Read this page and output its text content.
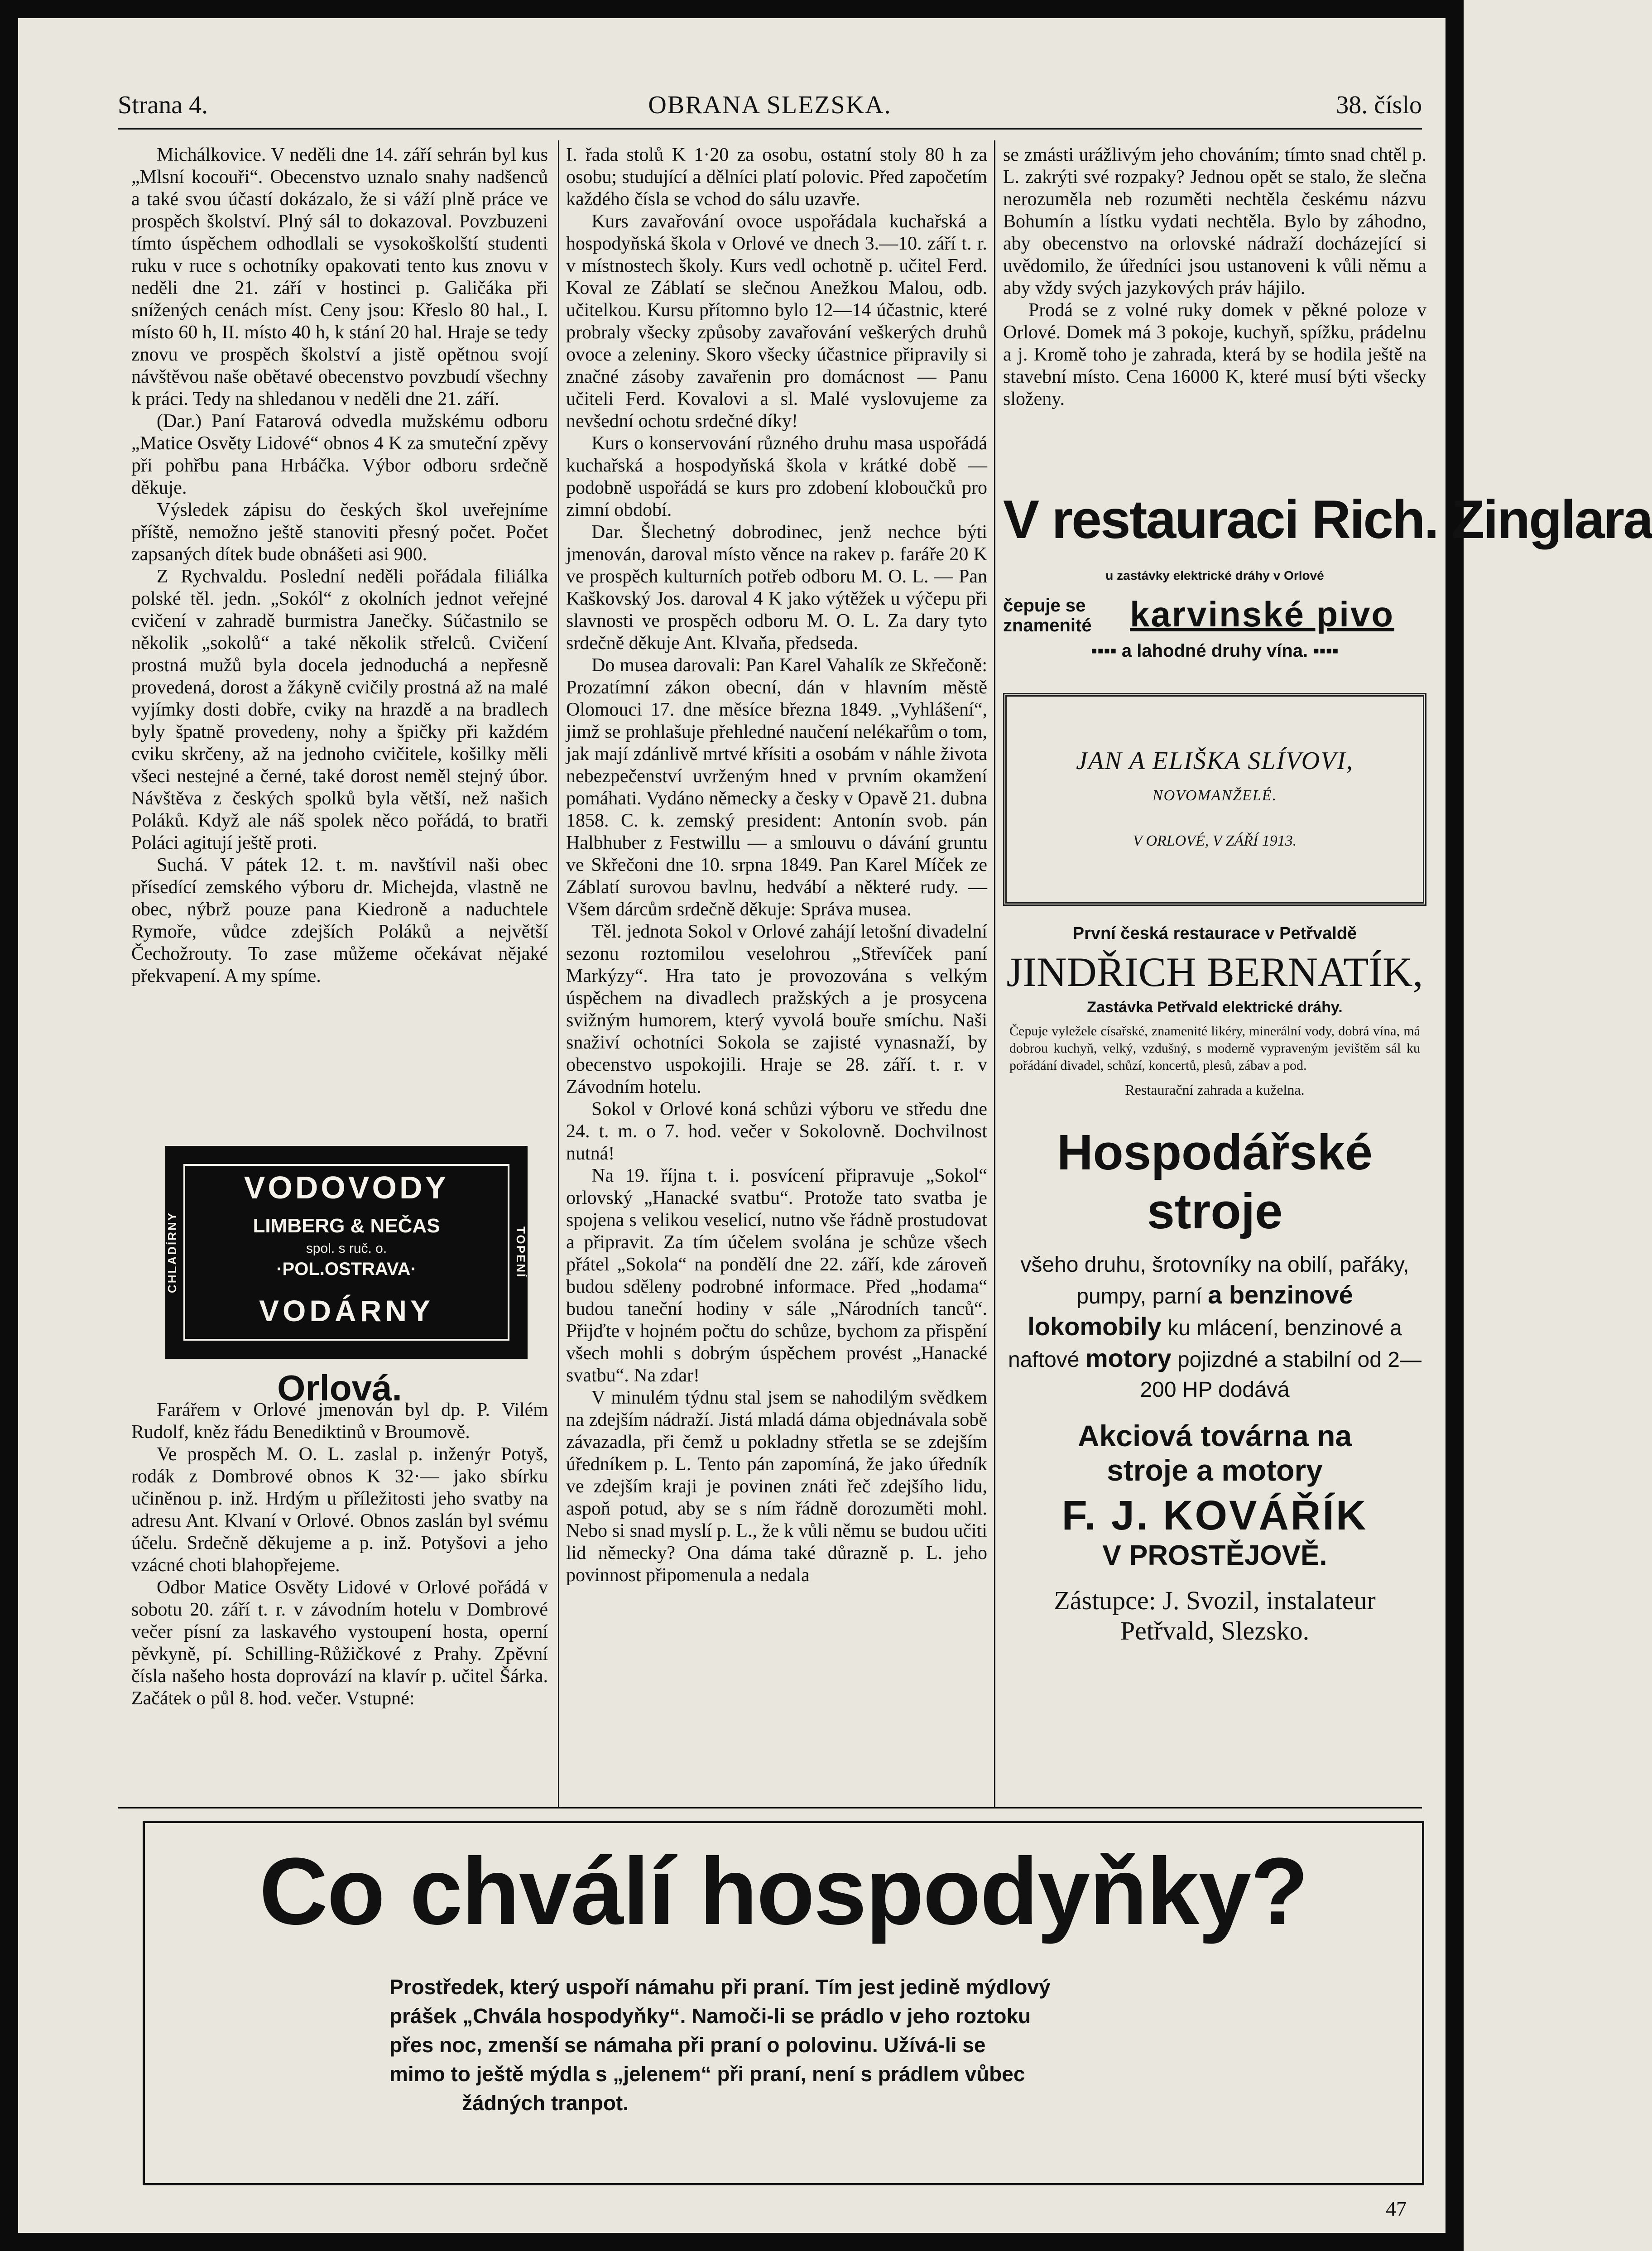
Strana 4.	OBRANA SLEZSKA.	38. číslo

Michálkovice. V neděli dne 14. září sehrán byl kus „Mlsní kocouři“. Obecenstvo uznalo snahy nadšenců a také svou účastí dokázalo, že si váží plně práce ve prospěch školství. Plný sál to dokazoval. Povzbuzeni tímto úspěchem odhodlali se vysokoškolští studenti ruku v ruce s ochotníky opakovati tento kus znovu v neděli dne 21. září v hostinci p. Galičáka při snížených cenách míst. Ceny jsou: Křeslo 80 hal., I. místo 60 h, II. místo 40 h, k stání 20 hal. Hraje se tedy znovu ve prospěch školství a jistě opětnou svojí návštěvou naše obětavé obecenstvo povzbudí všechny k práci. Tedy na shledanou v neděli dne 21. září.

(Dar.) Paní Fatarová odvedla mužskému odboru „Matice Osvěty Lidové“ obnos 4 K za smuteční zpěvy při pohřbu pana Hrbáčka. Výbor odboru srdečně děkuje.

Výsledek zápisu do českých škol uveřejníme příště, nemožno ještě stanoviti přesný počet. Počet zapsaných dítek bude obnášeti asi 900.

Z Rychvaldu. Poslední neděli pořádala filiálka polské těl. jedn. „Sokól“ z okolních jednot veřejné cvičení v zahradě burmistra Janečky. Súčastnilo se několik „sokolů“ a také několik střelců. Cvičení prostná mužů byla docela jednoduchá a nepřesně provedená, dorost a žákyně cvičily prostná až na malé vyjímky dosti dobře, cviky na hrazdě a na bradlech byly špatně provedeny, nohy a špičky při každém cviku skrčeny, až na jednoho cvičitele, košilky měli všeci nestejné a černé, také dorost neměl stejný úbor. Návštěva z českých spolků byla větší, než našich Poláků. Když ale náš spolek něco pořádá, to bratři Poláci agitují ještě proti.

Suchá. V pátek 12. t. m. navštívil naši obec přísedící zemského výboru dr. Michejda, vlastně ne obec, nýbrž pouze pana Kiedroně a naduchtele Rymoře, vůdce zdejších Poláků a největší Čechožrouty. To zase můžeme očekávat nějaké překvapení. A my spíme.

CHLADÍRNY	TOPENÍ
VODOVODY
LIMBERG & NEČAS
spol. s ruč. o.
·POL.OSTRAVA·
VODÁRNY

Orlová.

Farářem v Orlové jmenován byl dp. P. Vilém Rudolf, kněz řádu Benediktinů v Broumově.

Ve prospěch M. O. L. zaslal p. inženýr Potyš, rodák z Dombrové obnos K 32·— jako sbírku učiněnou p. inž. Hrdým u příležitosti jeho svatby na adresu Ant. Klvaní v Orlové. Obnos zaslán byl svému účelu. Srdečně děkujeme a p. inž. Potyšovi a jeho vzácné choti blahopřejeme.

Odbor Matice Osvěty Lidové v Orlové pořádá v sobotu 20. září t. r. v závodním hotelu v Dombrové večer písní za laskavého vystoupení hosta, operní pěvkyně, pí. Schilling-Růžičkové z Prahy. Zpěvní čísla našeho hosta doprovází na klavír p. učitel Šárka. Začátek o půl 8. hod. večer. Vstupné:

I. řada stolů K 1·20 za osobu, ostatní stoly 80 h za osobu; studující a dělníci platí polovic. Před započetím každého čísla se vchod do sálu uzavře.

Kurs zavařování ovoce uspořádala kuchařská a hospodyňská škola v Orlové ve dnech 3.—10. září t. r. v místnostech školy. Kurs vedl ochotně p. učitel Ferd. Koval ze Záblatí se slečnou Anežkou Malou, odb. učitelkou. Kursu přítomno bylo 12—14 účastnic, které probraly všecky způsoby zavařování veškerých druhů ovoce a zeleniny. Skoro všecky účastnice připravily si značné zásoby zavařenin pro domácnost — Panu učiteli Ferd. Kovalovi a sl. Malé vyslovujeme za nevšední ochotu srdečné díky!

Kurs o konservování různého druhu masa uspořádá kuchařská a hospodyňská škola v krátké době — podobně uspořádá se kurs pro zdobení kloboučků pro zimní období.

Dar. Šlechetný dobrodinec, jenž nechce býti jmenován, daroval místo věnce na rakev p. faráře 20 K ve prospěch kulturních potřeb odboru M. O. L. — Pan Kaškovský Jos. daroval 4 K jako výtěžek u výčepu při slavnosti ve prospěch odboru M. O. L. Za dary tyto srdečně děkuje Ant. Klvaňa, předseda.

Do musea darovali: Pan Karel Vahalík ze Skřečoně: Prozatímní zákon obecní, dán v hlavním městě Olomouci 17. dne měsíce března 1849. „Vyhlášení“, jimž se prohlašuje přehledné naučení nelékařům o tom, jak mají zdánlivě mrtvé křísiti a osobám v náhle života nebezpečenství uvrženým hned v prvním okamžení pomáhati. Vydáno německy a česky v Opavě 21. dubna 1858. C. k. zemský president: Antonín svob. pán Halbhuber z Festwillu — a smlouvu o dávání gruntu ve Skřečoni dne 10. srpna 1849. Pan Karel Míček ze Záblatí surovou bavlnu, hedvábí a některé rudy. — Všem dárcům srdečně děkuje: Správa musea.

Těl. jednota Sokol v Orlové zahájí letošní divadelní sezonu roztomilou veselohrou „Střevíček paní Markýzy“. Hra tato je provozována s velkým úspěchem na divadlech pražských a je prosycena svižným humorem, který vyvolá bouře smíchu. Naši snaživí ochotníci Sokola se zajisté vynasnaží, by obecenstvo uspokojili. Hraje se 28. září. t. r. v Závodním hotelu.

Sokol v Orlové koná schůzi výboru ve středu dne 24. t. m. o 7. hod. večer v Sokolovně. Dochvilnost nutná!

Na 19. října t. i. posvícení připravuje „Sokol“ orlovský „Hanacké svatbu“. Protože tato svatba je spojena s velikou veselicí, nutno vše řádně prostudovat a připravit. Za tím účelem svolána je schůze všech přátel „Sokola“ na pondělí dne 22. září, kde zároveň budou sděleny podrobné informace. Před „hodama“ budou taneční hodiny v sále „Národních tanců“. Přijďte v hojném počtu do schůze, bychom za přispění všech mohli s dobrým úspěchem provést „Hanacké svatbu“. Na zdar!

V minulém týdnu stal jsem se nahodilým svědkem na zdejším nádraží. Jistá mladá dáma objednávala sobě závazadla, při čemž u pokladny střetla se se zdejším úředníkem p. L. Tento pán zapomíná, že jako úředník ve zdejším kraji je povinen znáti řeč zdejšího lidu, aspoň potud, aby se s ním řádně dorozuměti mohl. Nebo si snad myslí p. L., že k vůli němu se budou učiti lid německy? Ona dáma také důrazně p. L. jeho povinnost připomenula a nedala

se zmásti urážlivým jeho chováním; tímto snad chtěl p. L. zakrýti své rozpaky? Jednou opět se stalo, že slečna nerozuměla neb rozuměti nechtěla českému názvu Bohumín a lístku vydati nechtěla. Bylo by záhodno, aby obecenstvo na orlovské nádraží docházející si uvědomilo, že úředníci jsou ustanoveni k vůli němu a aby vždy svých jazykových práv hájilo.

Prodá se z volné ruky domek v pěkné poloze v Orlové. Domek má 3 pokoje, kuchyň, spížku, prádelnu a j. Kromě toho je zahrada, která by se hodila ještě na stavební místo. Cena 16000 K, které musí býti všecky složeny.

V restauraci Rich. Zinglara
u zastávky elektrické dráhy v Orlové
čepuje se znamenité	karvinské pivo
▪▪▪▪ a lahodné druhy vína. ▪▪▪▪
JAN A ELIŠKA SLÍVOVI,
NOVOMANŽELÉ.
V ORLOVÉ, V ZÁŘÍ 1913.
První česká restaurace v Petřvaldě
JINDŘICH BERNATÍK,
Zastávka Petřvald elektrické dráhy.
Čepuje vyležele císařské, znamenité likéry, minerální vody, dobrá vína, má dobrou kuchyň, velký, vzdušný, s moderně vypraveným jevištěm sál ku pořádání divadel, schůzí, koncertů, plesů, zábav a pod.
Restaurační zahrada a kuželna.
Hospodářské
stroje
všeho druhu, šrotovníky na obilí, pařáky, pumpy, parní a benzinové lokomobily ku mlácení, benzinové a naftové motory pojizdné a stabilní od 2—200 HP dodává
Akciová továrna na
stroje a motory
F. J. KOVÁŘÍK
V PROSTĚJOVĚ.
Zástupce: J. Svozil, instalateur
Petřvald, Slezsko.
Co chválí hospodyňky?
Prostředek, který uspoří námahu při praní. Tím jest jedině mýdlový
prášek „Chvála hospodyňky“. Namoči-li se prádlo v jeho roztoku
přes noc, zmenší se námaha při praní o polovinu. Užívá-li se
mimo to ještě mýdla s „jelenem“ při praní, není s prádlem vůbec
žádných tranpot.
47
